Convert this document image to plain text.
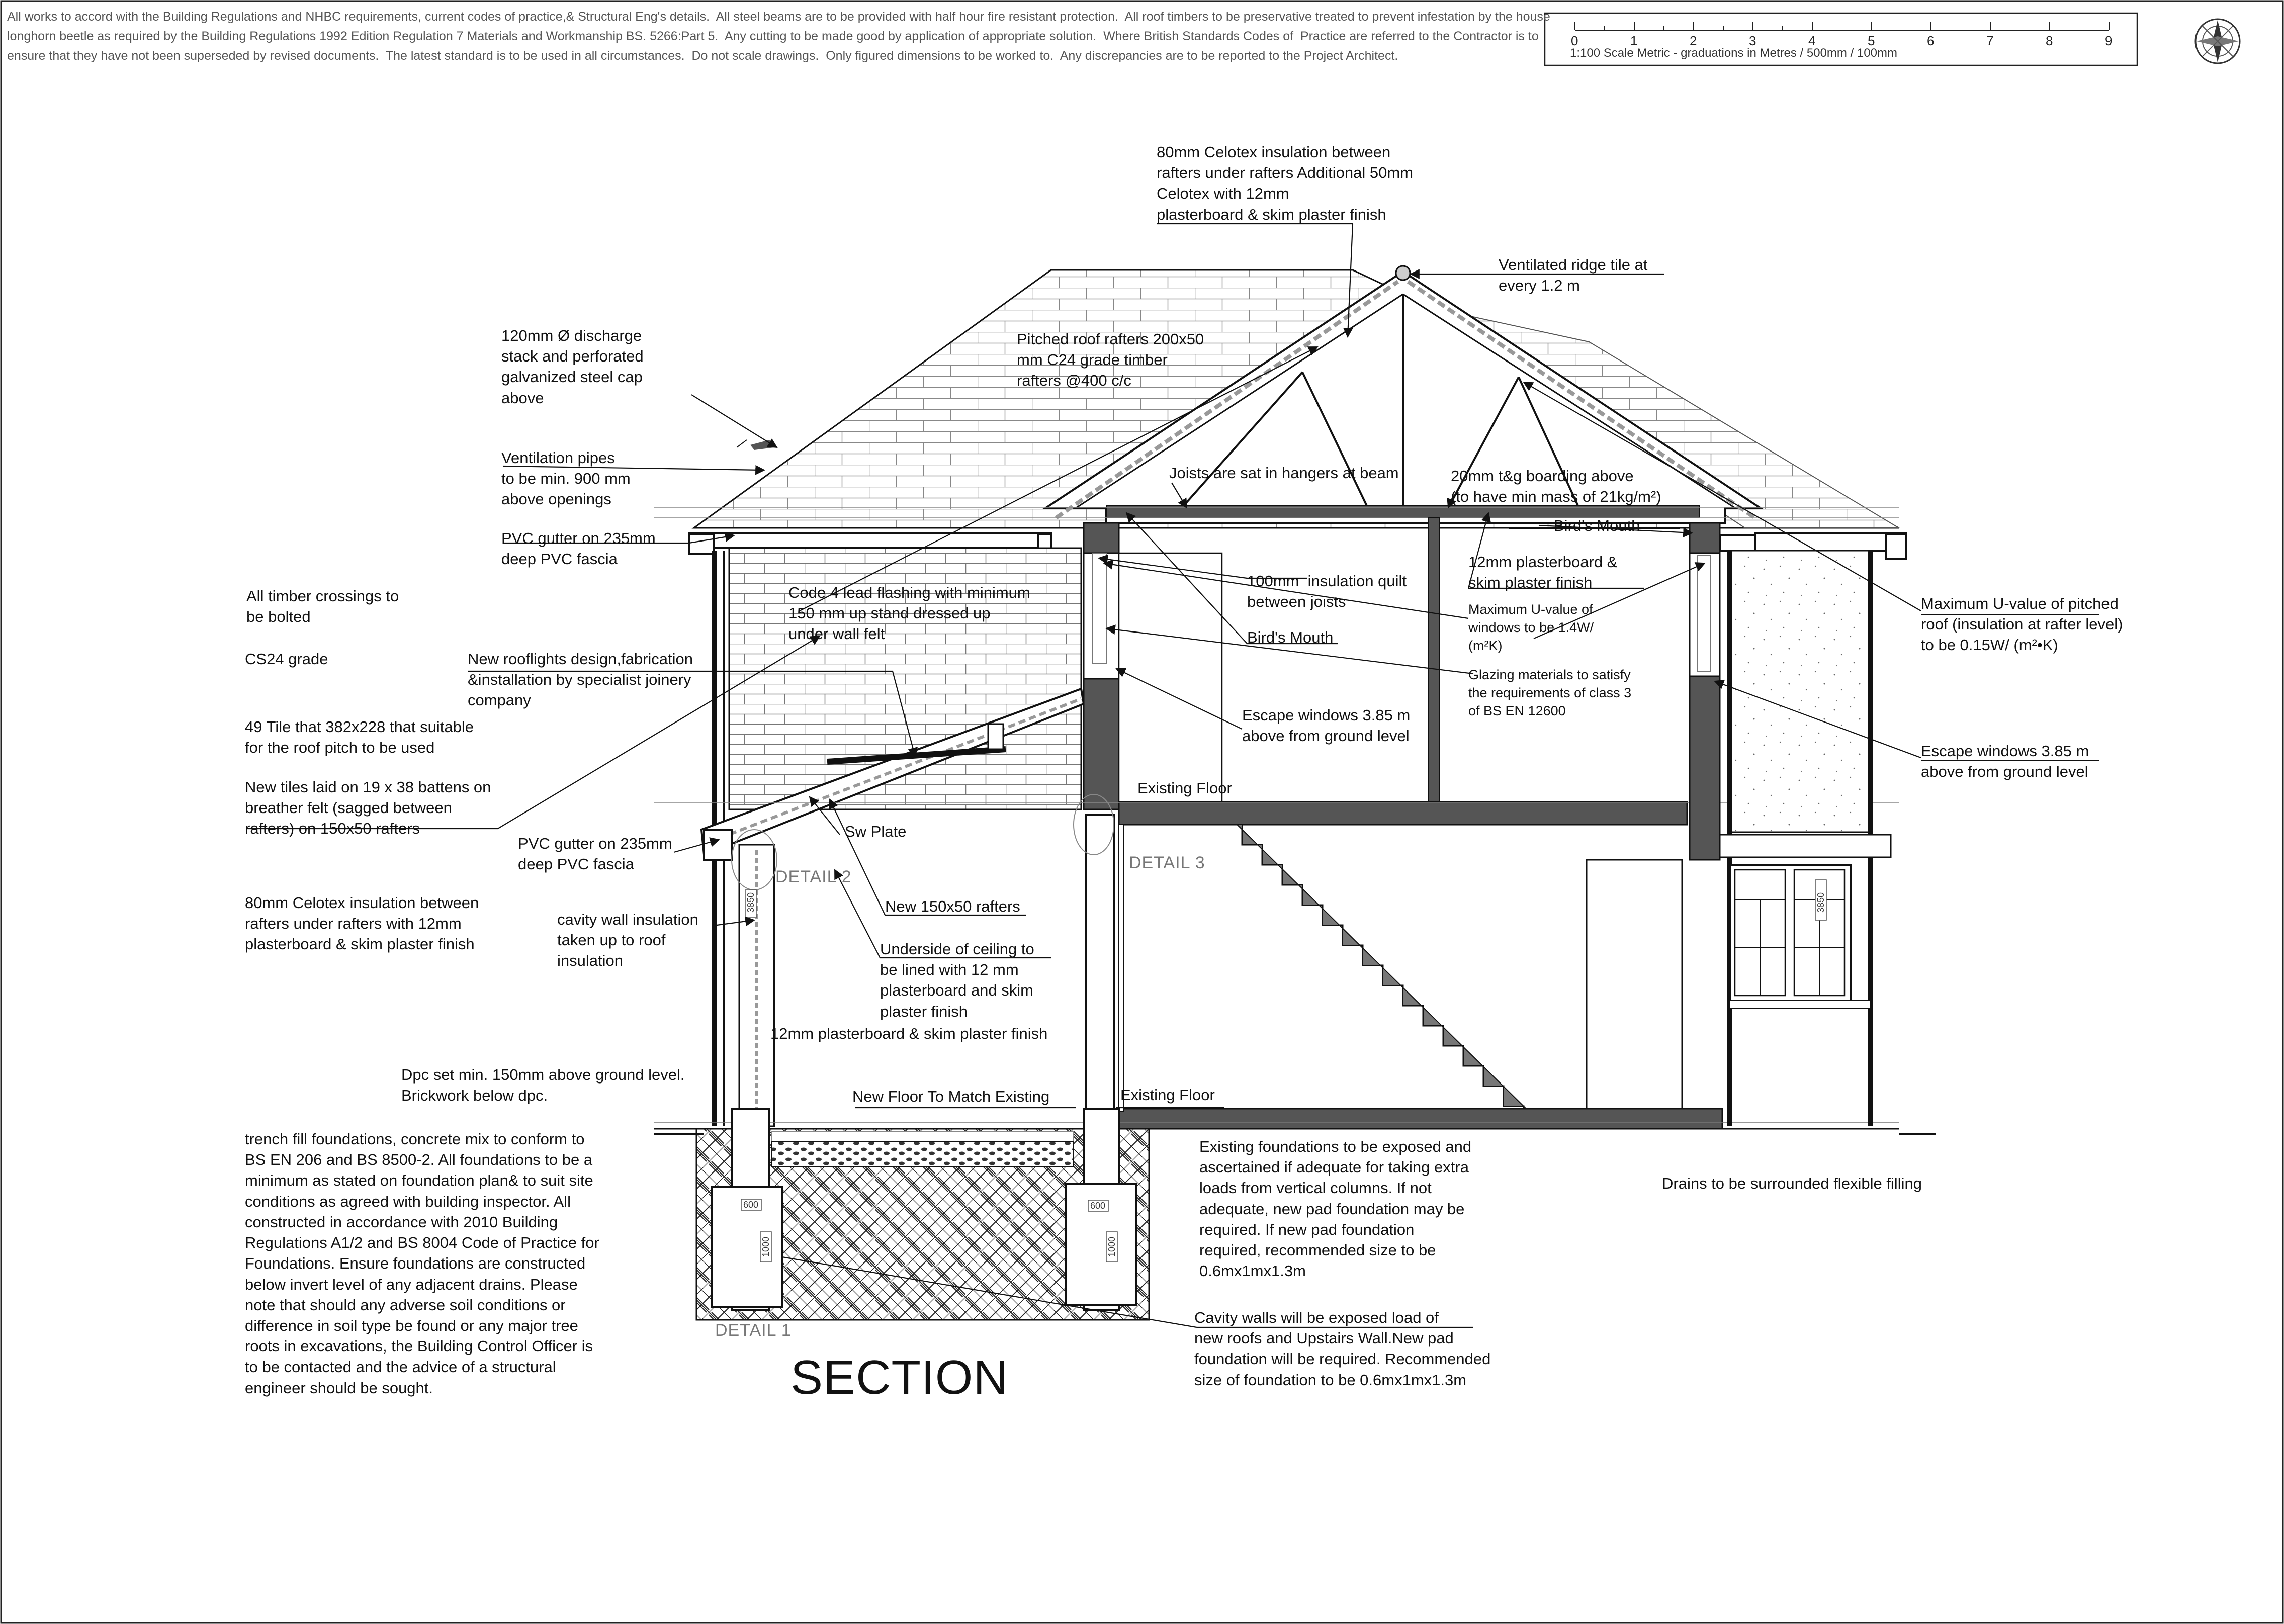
3850
600	600
1000	1000
3850
All works to accord with the Building Regulations and NHBC requirements, current codes of practice,& Structural Eng's details.  All steel beams are to be provided with half hour fire resistant protection.  All roof timbers to be preservative treated to prevent infestation by the house
longhorn beetle as required by the Building Regulations 1992 Edition Regulation 7 Materials and Workmanship BS. 5266:Part 5.  Any cutting to be made good by application of appropriate solution.  Where British Standards Codes of  Practice are referred to the Contractor is to
ensure that they have not been superseded by revised documents.  The latest standard is to be used in all circumstances.  Do not scale drawings.  Only figured dimensions to be worked to.  Any discrepancies are to be reported to the Project Architect.
0	1	2	3	4	5	6	7	8	9
1:100 Scale Metric - graduations in Metres / 500mm / 100mm
80mm Celotex insulation between
rafters under rafters Additional 50mm
Celotex with 12mm
plasterboard & skim plaster finish
Ventilated ridge tile at
every 1.2 m
120mm Ø discharge
stack and perforated
galvanized steel cap
above
Pitched roof rafters 200x50
mm C24 grade timber
rafters @400 c/c
Ventilation pipes
to be min. 900 mm
above openings
Joists are sat in hangers at beam	20mm t&g boarding above
(to have min mass of 21kg/m²)
Bird's Mouth
PVC gutter on 235mm
deep PVC fascia
100mm  insulation quilt
between joists
12mm plasterboard &
skim plaster finish
All timber crossings to
be bolted
Code 4 lead flashing with minimum
150 mm up stand dressed up
under wall felt	Bird's Mouth
Maximum U-value of
windows to be 1.4W/
(m²K)
Maximum U-value of pitched
roof (insulation at rafter level)
to be 0.15W/ (m²•K)
CS24 grade	New rooflights design,fabrication
&installation by specialist joinery
company
Glazing materials to satisfy
the requirements of class 3
of BS EN 12600
49 Tile that 382x228 that suitable
for the roof pitch to be used
Escape windows 3.85 m
above from ground level
Escape windows 3.85 m
above from ground level
New tiles laid on 19 x 38 battens on
breather felt (sagged between
rafters) on 150x50 rafters
Existing Floor
PVC gutter on 235mm
deep PVC fascia
Sw Plate
80mm Celotex insulation between
rafters under rafters with 12mm
plasterboard & skim plaster finish
New 150x50 rafters
cavity wall insulation
taken up to roof
insulation
Underside of ceiling to
be lined with 12 mm
plasterboard and skim
plaster finish
12mm plasterboard & skim plaster finish
Dpc set min. 150mm above ground level.
Brickwork below dpc.	New Floor To Match Existing	Existing Floor
trench fill foundations, concrete mix to conform to
BS EN 206 and BS 8500-2. All foundations to be a
minimum as stated on foundation plan& to suit site
conditions as agreed with building inspector. All
constructed in accordance with 2010 Building
Regulations A1/2 and BS 8004 Code of Practice for
Foundations. Ensure foundations are constructed
below invert level of any adjacent drains. Please
note that should any adverse soil conditions or
difference in soil type be found or any major tree
roots in excavations, the Building Control Officer is
to be contacted and the advice of a structural
engineer should be sought.
Existing foundations to be exposed and
ascertained if adequate for taking extra
loads from vertical columns. If not
adequate, new pad foundation may be
required. If new pad foundation
required, recommended size to be
0.6mx1mx1.3m
Drains to be surrounded flexible filling
Cavity walls will be exposed load of
new roofs and Upstairs Wall.New pad
foundation will be required. Recommended
size of foundation to be 0.6mx1mx1.3m
DETAIL 1
DETAIL 2
DETAIL 3
SECTION
